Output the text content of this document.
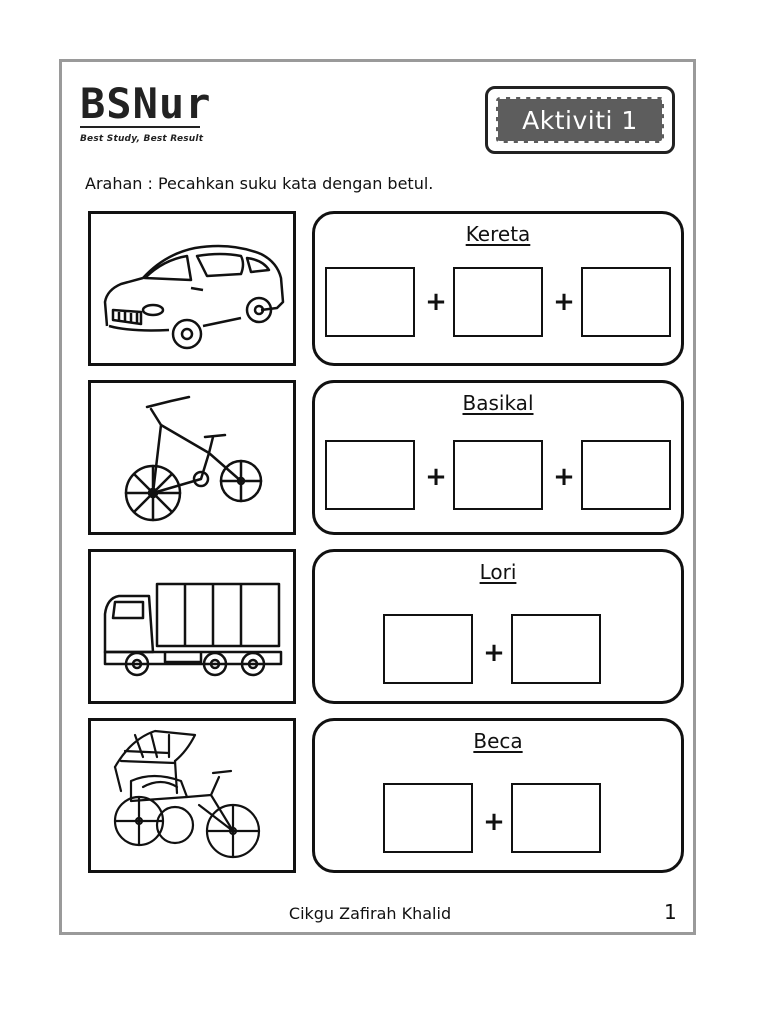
BSNur
Best Study, Best Result
Aktiviti 1
Arahan : Pecahkan suku kata dengan betul.
Kereta
+	+
Basikal
+	+
Lori
+
Beca
+
Cikgu Zafirah Khalid	1
